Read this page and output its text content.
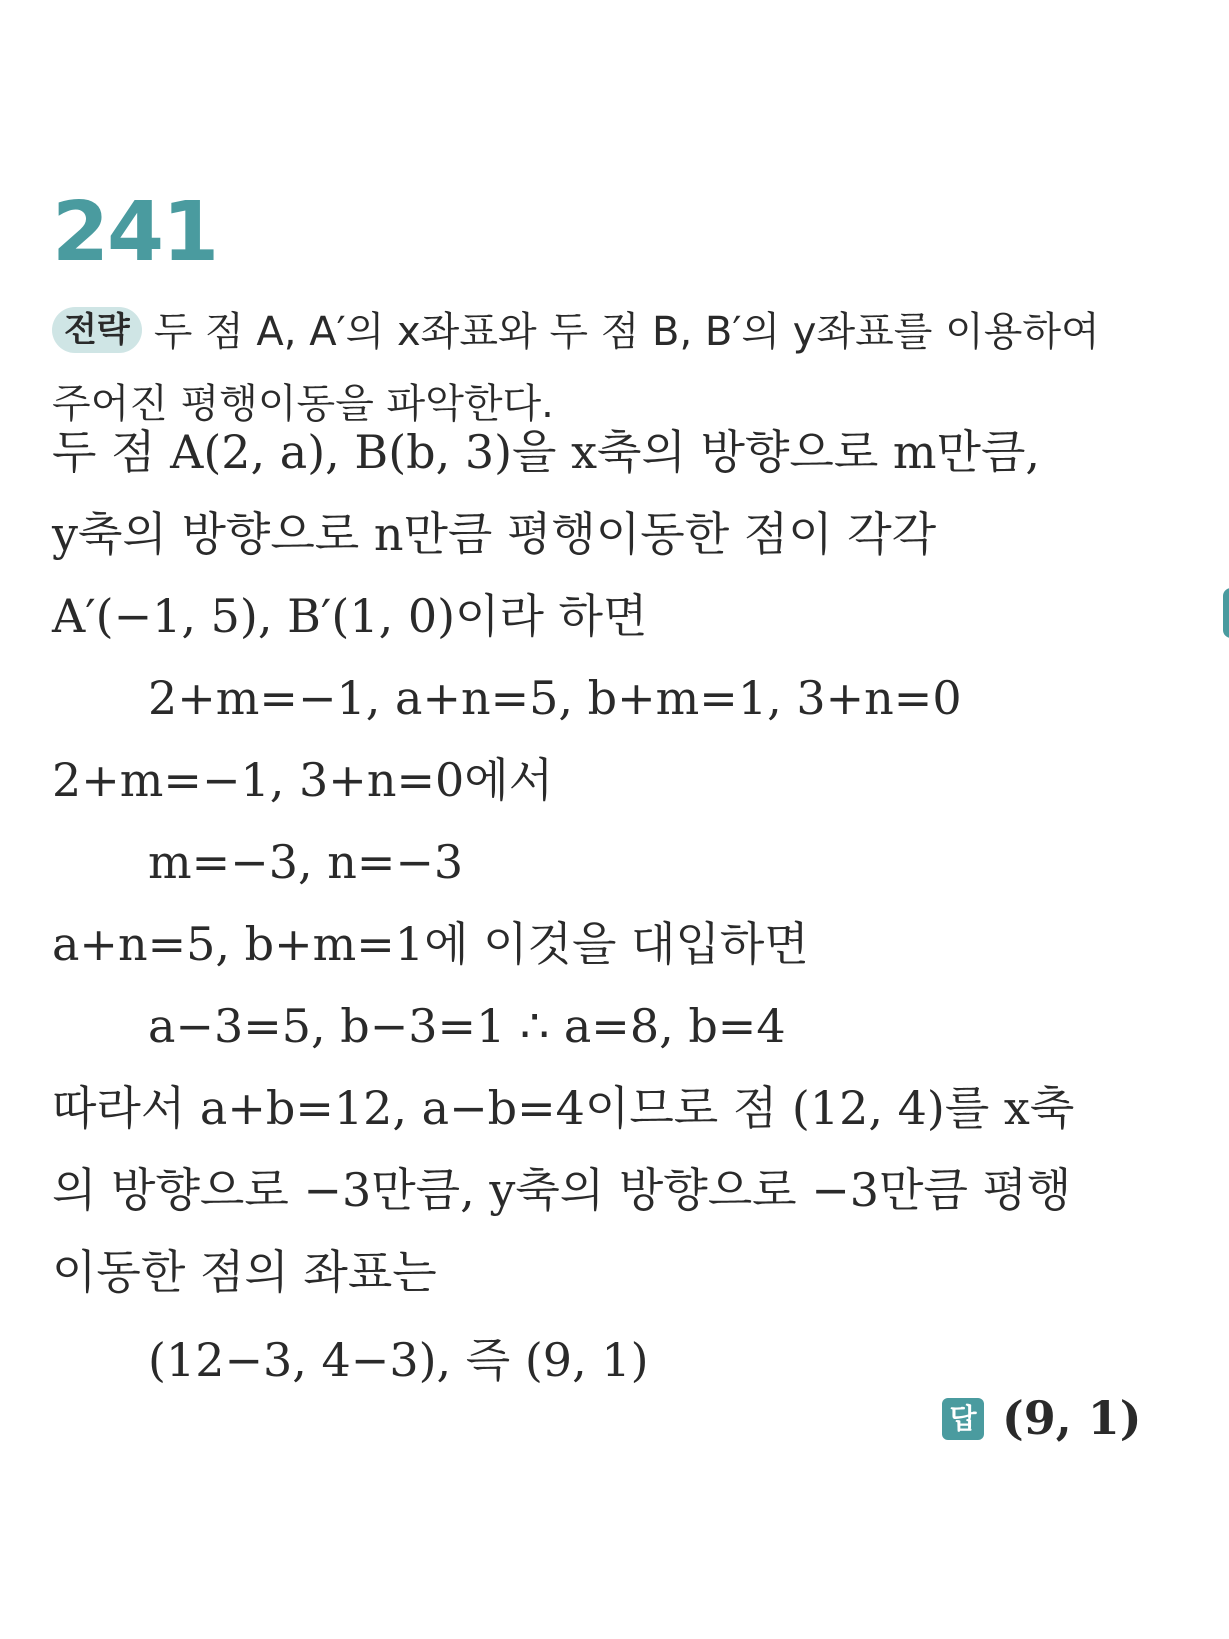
241
전략 두 점 A, A′의 x좌표와 두 점 B, B′의 y좌표를 이용하여
주어진 평행이동을 파악한다.
두 점 A(2, a), B(b, 3)을 x축의 방향으로 m만큼,
y축의 방향으로 n만큼 평행이동한 점이 각각
A′(−1, 5), B′(1, 0)이라 하면
2+m=−1, a+n=5, b+m=1, 3+n=0
2+m=−1, 3+n=0에서
m=−3, n=−3
a+n=5, b+m=1에 이것을 대입하면
a−3=5, b−3=1 ∴ a=8, b=4
따라서 a+b=12, a−b=4이므로 점 (12, 4)를 x축
의 방향으로 −3만큼, y축의 방향으로 −3만큼 평행
이동한 점의 좌표는
(12−3, 4−3), 즉 (9, 1)
답 (9, 1)
